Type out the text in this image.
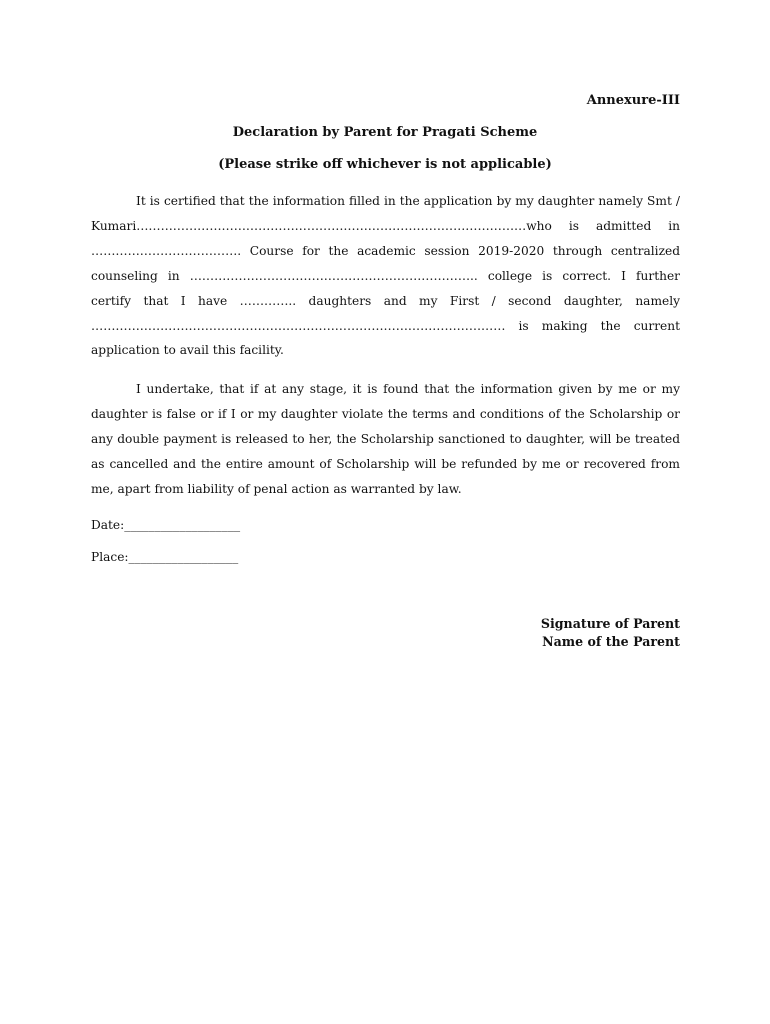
Annexure-III
Declaration by Parent for Pragati Scheme
(Please strike off whichever is not applicable)
It is certified that the information filled in the application by my daughter namely Smt / Kumari……………………………………………………………………………………who is admitted in ………………………………. Course for the academic session 2019-2020 through centralized counseling in …………………………………………………………….. college is correct. I further certify that I have ………….. daughters and my First / second daughter, namely ………………………………………………………………………………………… is making the current application to avail this facility.
I undertake, that if at any stage, it is found that the information given by me or my daughter is false or if I or my daughter violate the terms and conditions of the Scholarship or any double payment is released to her, the Scholarship sanctioned to daughter, will be treated as cancelled and the entire amount of Scholarship will be refunded by me or recovered from me, apart from liability of penal action as warranted by law.
Date:___________________
Place:__________________
Signature of Parent
Name of the Parent
